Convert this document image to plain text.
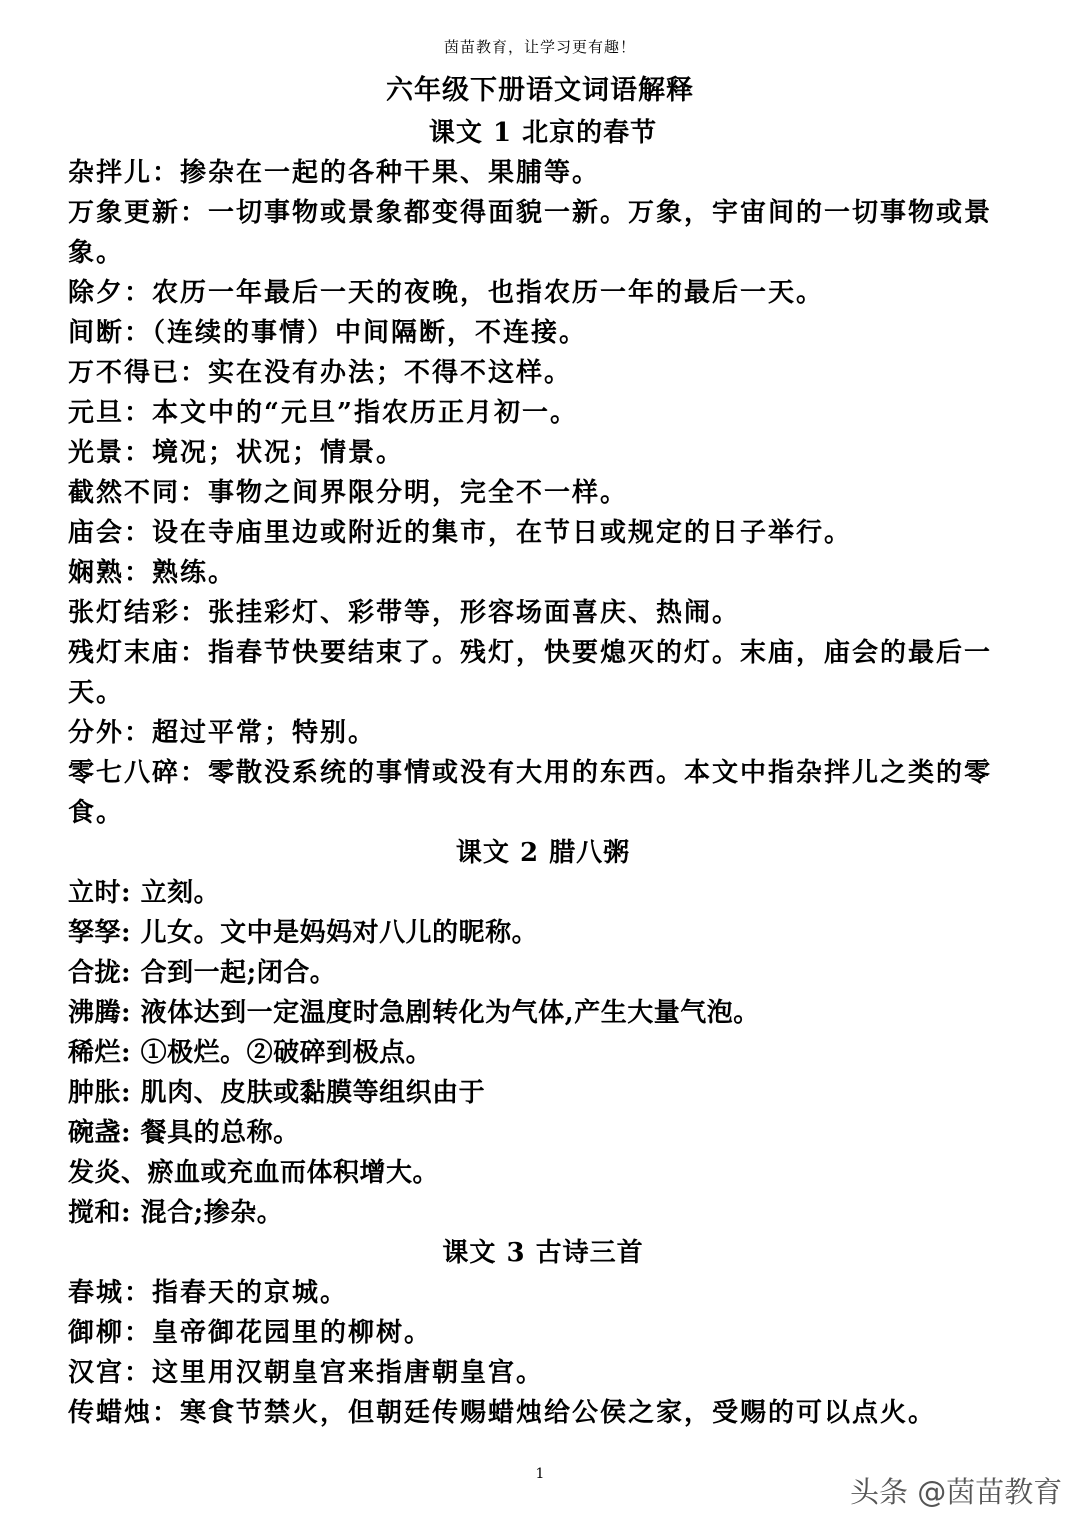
茵苗教育，让学习更有趣！
六年级下册语文词语解释
课文 1 北京的春节

杂拌儿：掺杂在一起的各种干果、果脯等。

万象更新：一切事物或景象都变得面貌一新。万象，宇宙间的一切事物或景象。

除夕：农历一年最后一天的夜晚，也指农历一年的最后一天。

间断：（连续的事情）中间隔断，不连接。

万不得已：实在没有办法；不得不这样。

元旦：本文中的“元旦”指农历正月初一。

光景：境况；状况；情景。

截然不同：事物之间界限分明，完全不一样。

庙会：设在寺庙里边或附近的集市，在节日或规定的日子举行。

娴熟：熟练。

张灯结彩：张挂彩灯、彩带等，形容场面喜庆、热闹。

残灯末庙：指春节快要结束了。残灯，快要熄灭的灯。末庙，庙会的最后一天。

分外：超过平常；特别。

零七八碎：零散没系统的事情或没有大用的东西。本文中指杂拌儿之类的零食。

课文 2 腊八粥

立时: 立刻。

孥孥: 儿女。文中是妈妈对八儿的昵称。

合拢: 合到一起;闭合。

沸腾: 液体达到一定温度时急剧转化为气体,产生大量气泡。

稀烂: ①极烂。②破碎到极点。

肿胀: 肌肉、皮肤或黏膜等组织由于

碗盏: 餐具的总称。

发炎、瘀血或充血而体积增大。

搅和: 混合;掺杂。

课文 3 古诗三首

春城：指春天的京城。

御柳：皇帝御花园里的柳树。

汉宫：这里用汉朝皇宫来指唐朝皇宫。

传蜡烛：寒食节禁火，但朝廷传赐蜡烛给公侯之家，受赐的可以点火。

1
头条 @茵苗教育
